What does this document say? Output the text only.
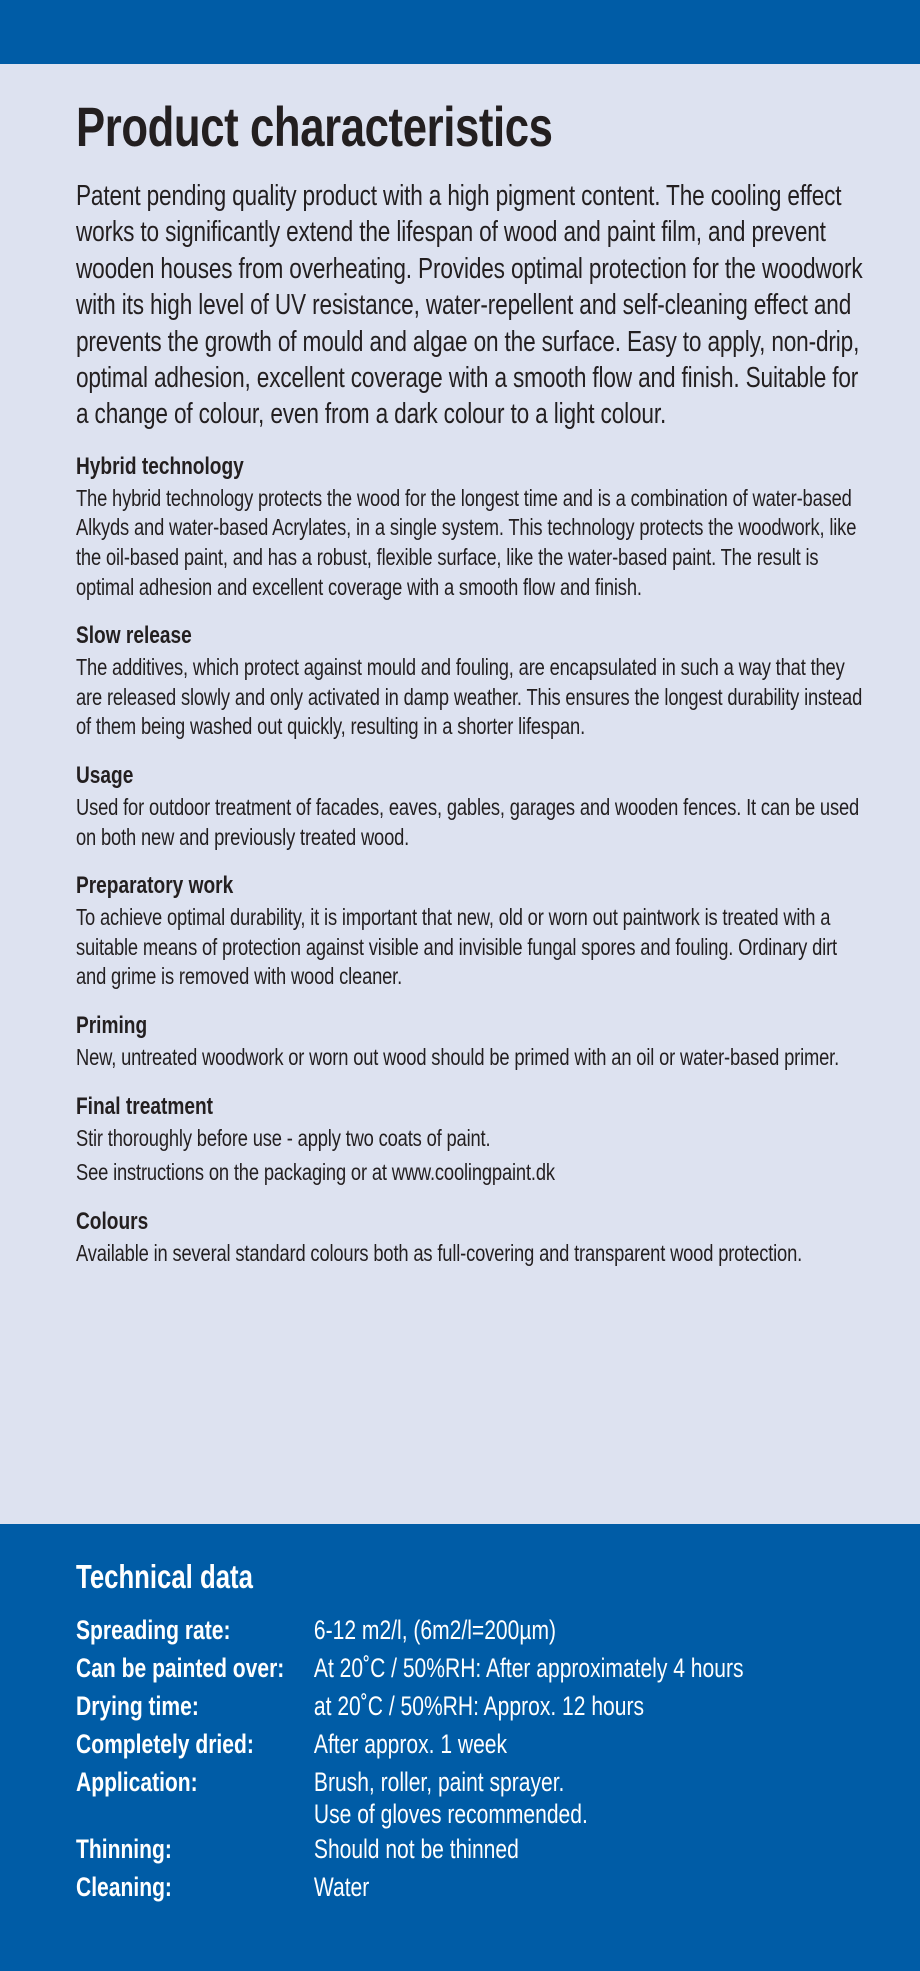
Product characteristics

Patent pending quality product with a high pigment content. The cooling effect works to significantly extend the lifespan of wood and paint film, and prevent wooden houses from overheating. Provides optimal protection for the woodwork with its high level of UV resistance, water-repellent and self-cleaning effect and prevents the growth of mould and algae on the surface. Easy to apply, non-drip, optimal adhesion, excellent coverage with a smooth flow and finish. Suitable for a change of colour, even from a dark colour to a light colour.

Hybrid technology

The hybrid technology protects the wood for the longest time and is a combination of water-based Alkyds and water-based Acrylates, in a single system. This technology protects the woodwork, like the oil-based paint, and has a robust, flexible surface, like the water-based paint. The result is optimal adhesion and excellent coverage with a smooth flow and finish.

Slow release

The additives, which protect against mould and fouling, are encapsulated in such a way that they are released slowly and only activated in damp weather. This ensures the longest durability instead of them being washed out quickly, resulting in a shorter lifespan.

Usage

Used for outdoor treatment of facades, eaves, gables, garages and wooden fences. It can be used on both new and previously treated wood.

Preparatory work

To achieve optimal durability, it is important that new, old or worn out paintwork is treated with a suitable means of protection against visible and invisible fungal spores and fouling. Ordinary dirt and grime is removed with wood cleaner.

Priming

New, untreated woodwork or worn out wood should be primed with an oil or water-based primer.

Final treatment

Stir thoroughly before use - apply two coats of paint.

See instructions on the packaging or at www.coolingpaint.dk

Colours

Available in several standard colours both as full-covering and transparent wood protection.

Technical data
Spreading rate:	6-12 m2/l, (6m2/l=200µm)
Can be painted over:	At 20˚C / 50%RH: After approximately 4 hours
Drying time:	at 20˚C / 50%RH: Approx. 12 hours
Completely dried:	After approx. 1 week
Application:	Brush, roller, paint sprayer.
Use of gloves recommended.
Thinning:	Should not be thinned
Cleaning:	Water
